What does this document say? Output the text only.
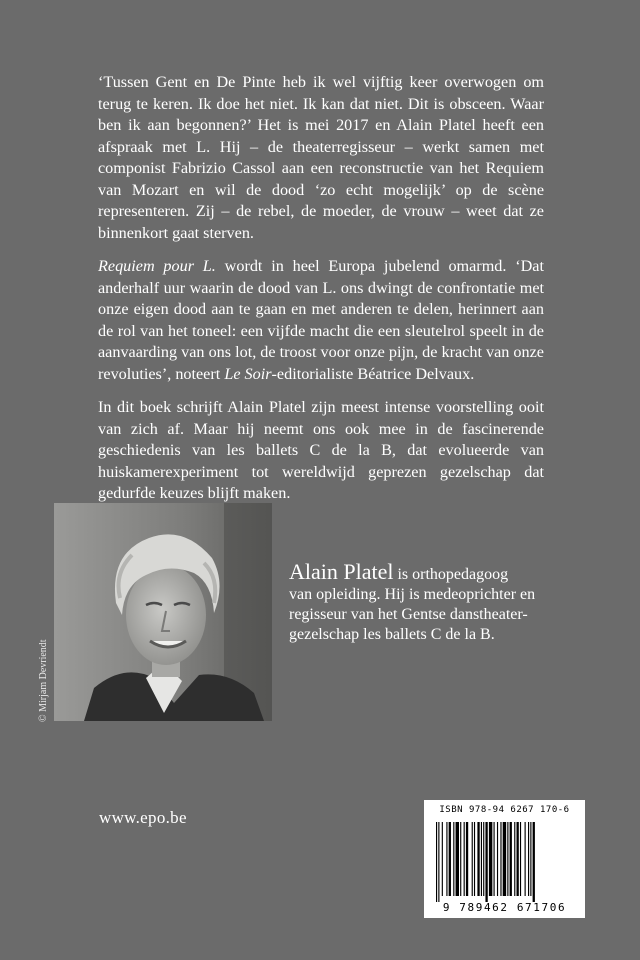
‘Tussen Gent en De Pinte heb ik wel vijftig keer overwogen om terug te keren. Ik doe het niet. Ik kan dat niet. Dit is obsceen. Waar ben ik aan begonnen?’ Het is mei 2017 en Alain Platel heeft een afspraak met L. Hij – de theaterregisseur – werkt samen met componist Fabrizio Cassol aan een reconstructie van het Requiem van Mozart en wil de dood ‘zo echt mogelijk’ op de scène representeren. Zij – de rebel, de moeder, de vrouw – weet dat ze binnenkort gaat sterven.

Requiem pour L. wordt in heel Europa jubelend omarmd. ‘Dat anderhalf uur waarin de dood van L. ons dwingt de confrontatie met onze eigen dood aan te gaan en met anderen te delen, herinnert aan de rol van het toneel: een vijfde macht die een sleutelrol speelt in de aanvaarding van ons lot, de troost voor onze pijn, de kracht van onze revoluties’, noteert Le Soir-editorialiste Béatrice Delvaux.

In dit boek schrijft Alain Platel zijn meest intense voorstelling ooit van zich af. Maar hij neemt ons ook mee in de fascinerende geschiedenis van les ballets C de la B, dat evolueerde van huiskamerexperiment tot wereldwijd geprezen gezelschap dat gedurfde keuzes blijft maken.

© Mirjam Devriendt
Alain Platel is orthopedagoog
van opleiding. Hij is medeoprichter en
regisseur van het Gentse danstheater-
gezelschap les ballets C de la B.
ISBN 978-94 6267 170-6
9 789462 671706
www.epo.be
